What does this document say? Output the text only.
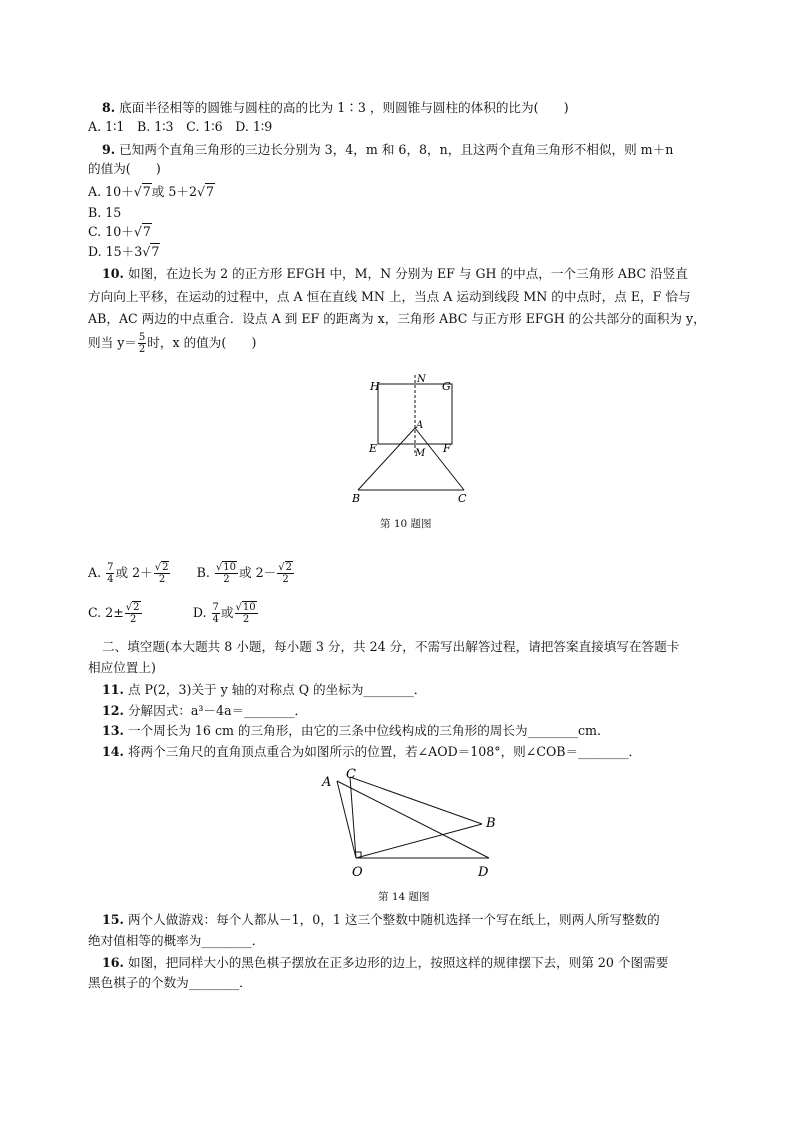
8. 底面半径相等的圆锥与圆柱的高的比为 1∶3 ，则圆锥与圆柱的体积的比为(　　)
A. 1∶1　B. 1∶3　C. 1∶6　D. 1∶9
9. 已知两个直角三角形的三边长分别为 3，4，m 和 6，8，n，且这两个直角三角形不相似，则 m＋n
的值为(　　)
A. 10＋√7或 5＋2√7
B. 15
C. 10＋√7
D. 15＋3√7
10. 如图，在边长为 2 的正方形 EFGH 中，M，N 分别为 EF 与 GH 的中点，一个三角形 ABC 沿竖直
方向向上平移，在运动的过程中，点 A 恒在直线 MN 上，当点 A 运动到线段 MN 的中点时，点 E，F 恰与
AB，AC 两边的中点重合．设点 A 到 EF 的距离为 x，三角形 ABC 与正方形 EFGH 的公共部分的面积为 y，
则当 $y= \frac{5}{2}$ 时，x 的值为(　　)
H
N
G
A
E	F
M
B	C
第 10 题图
A. $\frac{7}{4}$ 或 $2+ \frac{√2}{2}$
　　 B. $\frac{√10}{2}$ 或 $2- \frac{√2}{2}$
C. $2\pm \frac{√2}{2}$
　　　　	D. $\frac{7}{4}$ 或 $\frac{√10}{2}$
二、填空题(本大题共 8 小题，每小题 3 分，共 24 分，不需写出解答过程，请把答案直接填写在答题卡
相应位置上)
11. 点 P(2，3)关于 y 轴的对称点 Q 的坐标为________．
12. 分解因式：a³－4a＝________．
13. 一个周长为 16 cm 的三角形，由它的三条中位线构成的三角形的周长为________cm.
14. 将两个三角尺的直角顶点重合为如图所示的位置，若∠AOD＝108°，则∠COB＝________．
A
C
B
O	D
第 14 题图
15. 两个人做游戏：每个人都从－1，0，1 这三个整数中随机选择一个写在纸上，则两人所写整数的
绝对值相等的概率为________．
16. 如图，把同样大小的黑色棋子摆放在正多边形的边上，按照这样的规律摆下去，则第 20 个图需要
黑色棋子的个数为________．
